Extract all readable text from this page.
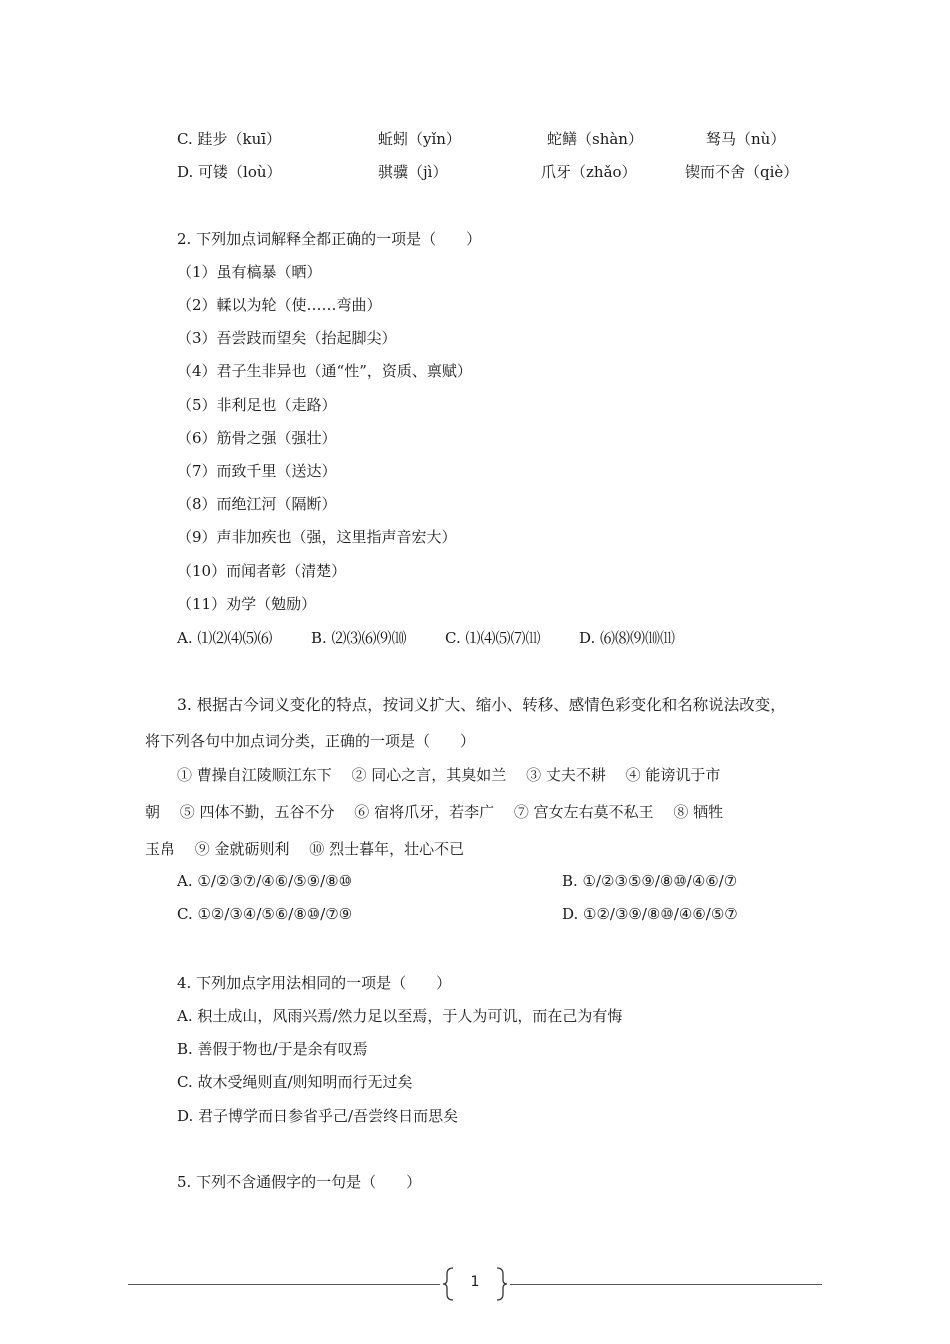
C. 跬步（kuī）	蚯蚓（yǐn）	蛇鳝（shàn）	驽马（nù）
D. 可镂（loù）	骐骥（jì）	爪牙（zhǎo）	锲而不舍（qiè）
2. 下列加点词解释全都正确的一项是（　　）
（1）虽有槁暴（晒）
（2）輮以为轮（使……弯曲）
（3）吾尝跂而望矣（抬起脚尖）
（4）君子生非异也（通“性”，资质、禀赋）
（5）非利足也（走路）
（6）筋骨之强（强壮）
（7）而致千里（送达）
（8）而绝江河（隔断）
（9）声非加疾也（强，这里指声音宏大）
（10）而闻者彰（清楚）
（11）劝学（勉励）
A. ⑴⑵⑷⑸⑹	B. ⑵⑶⑹⑼⑽	C. ⑴⑷⑸⑺⑾	D. ⑹⑻⑼⑽⑾
3. 根据古今词义变化的特点，按词义扩大、缩小、转移、感情色彩变化和名称说法改变，
将下列各句中加点词分类，正确的一项是（　　）
① 曹操自江陵顺江东下　 ② 同心之言，其臭如兰　 ③ 丈夫不耕　 ④ 能谤讥于市
朝　 ⑤ 四体不勤，五谷不分　 ⑥ 宿将爪牙，若李广　 ⑦ 宫女左右莫不私王　 ⑧ 牺牲
玉帛　 ⑨ 金就砺则利　 ⑩ 烈士暮年，壮心不已
A. ①/②③⑦/④⑥/⑤⑨/⑧⑩	B. ①/②③⑤⑨/⑧⑩/④⑥/⑦
C. ①②/③④/⑤⑥/⑧⑩/⑦⑨	D. ①②/③⑨/⑧⑩/④⑥/⑤⑦
4. 下列加点字用法相同的一项是（　　）
A. 积土成山，风雨兴焉/然力足以至焉，于人为可讥，而在己为有悔
B. 善假于物也/于是余有叹焉
C. 故木受绳则直/则知明而行无过矣
D. 君子博学而日参省乎己/吾尝终日而思矣
5. 下列不含通假字的一句是（　　）
1
